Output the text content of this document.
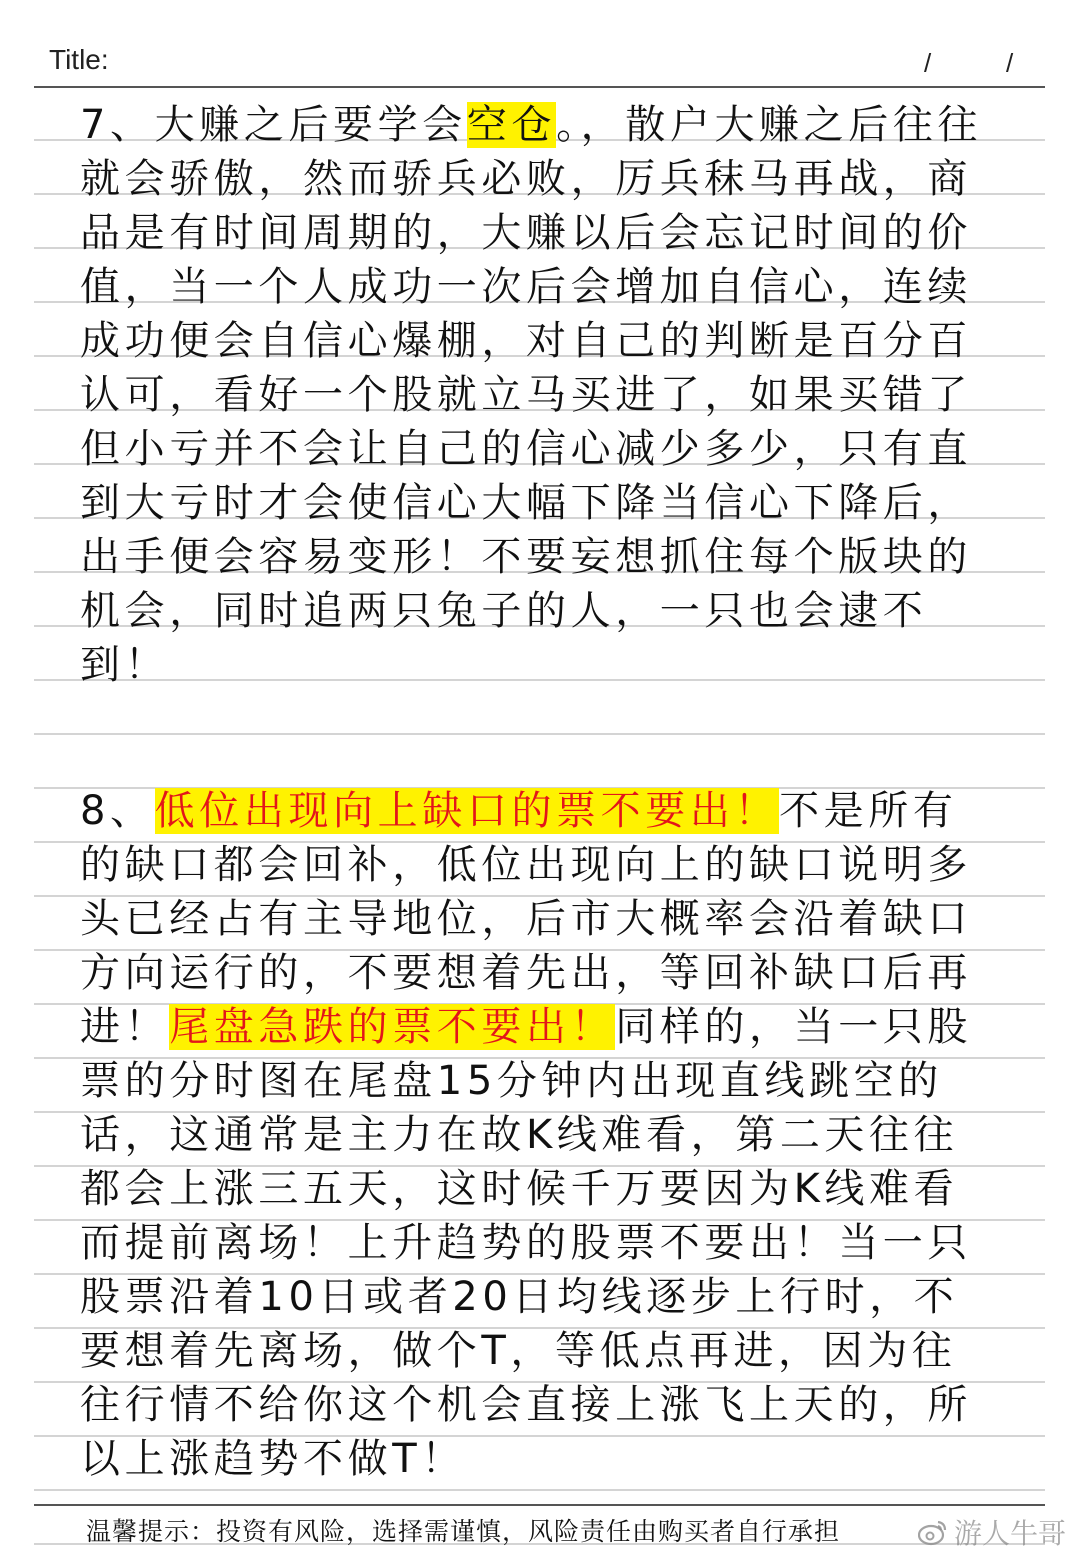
Title:	/	/

7、大赚之后要学会空仓。，散户大赚之后往往就会骄傲，然而骄兵必败，厉兵秣马再战，商品是有时间周期的，大赚以后会忘记时间的价值，当一个人成功一次后会增加自信心，连续成功便会自信心爆棚，对自己的判断是百分百认可，看好一个股就立马买进了，如果买错了但小亏并不会让自己的信心减少多少，只有直到大亏时才会使信心大幅下降当信心下降后，出手便会容易变形！不要妄想抓住每个版块的机会，同时追两只兔子的人，一只也会逮不到！

8、低位出现向上缺口的票不要出！不是所有的缺口都会回补，低位出现向上的缺口说明多头已经占有主导地位，后市大概率会沿着缺口方向运行的，不要想着先出，等回补缺口后再进！尾盘急跌的票不要出！同样的，当一只股票的分时图在尾盘15分钟内出现直线跳空的话，这通常是主力在故K线难看，第二天往往都会上涨三五天，这时候千万要因为K线难看而提前离场！上升趋势的股票不要出！当一只股票沿着10日或者20日均线逐步上行时，不要想着先离场，做个T，等低点再进，因为往往行情不给你这个机会直接上涨飞上天的，所以上涨趋势不做T！

温馨提示：投资有风险，选择需谨慎，风险责任由购买者自行承担	游人牛哥
